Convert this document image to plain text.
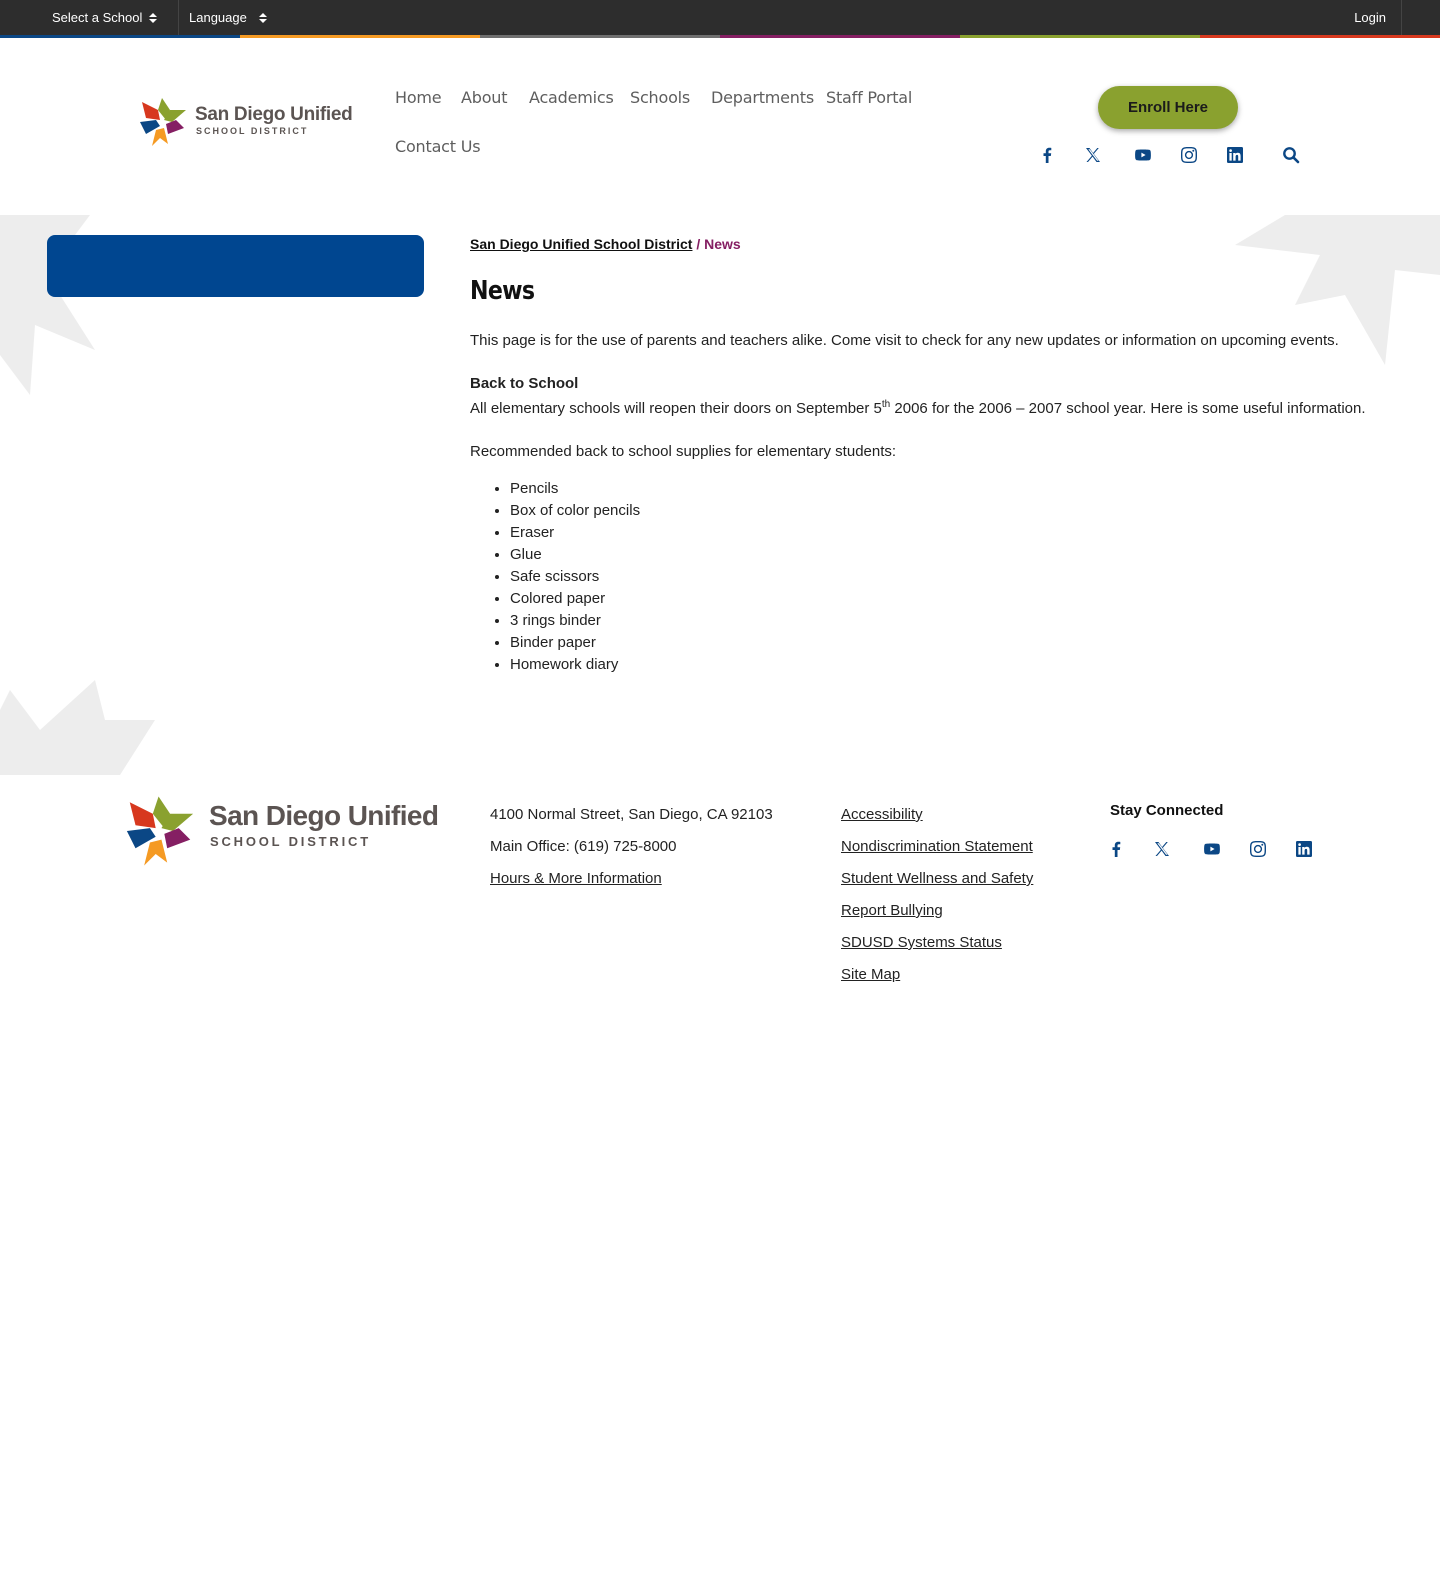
Select a School	Language	Login
San Diego Unified
SCHOOL DISTRICT
Home About Academics Schools Departments Staff Portal
Contact Us
Enroll Here
San Diego Unified School District / News
News

This page is for the use of parents and teachers alike. Come visit to check for any new updates or information on upcoming events.

Back to School
All elementary schools will reopen their doors on September 5th 2006 for the 2006 – 2007 school year. Here is some useful information.

Recommended back to school supplies for elementary students:

• Pencils
• Box of color pencils
• Eraser
• Glue
• Safe scissors
• Colored paper
• 3 rings binder
• Binder paper
• Homework diary
San Diego Unified
SCHOOL DISTRICT
4100 Normal Street, San Diego, CA 92103
Main Office: (619) 725-8000
Hours & More Information
Accessibility
Nondiscrimination Statement
Student Wellness and Safety
Report Bullying
SDUSD Systems Status
Site Map
Stay Connected
